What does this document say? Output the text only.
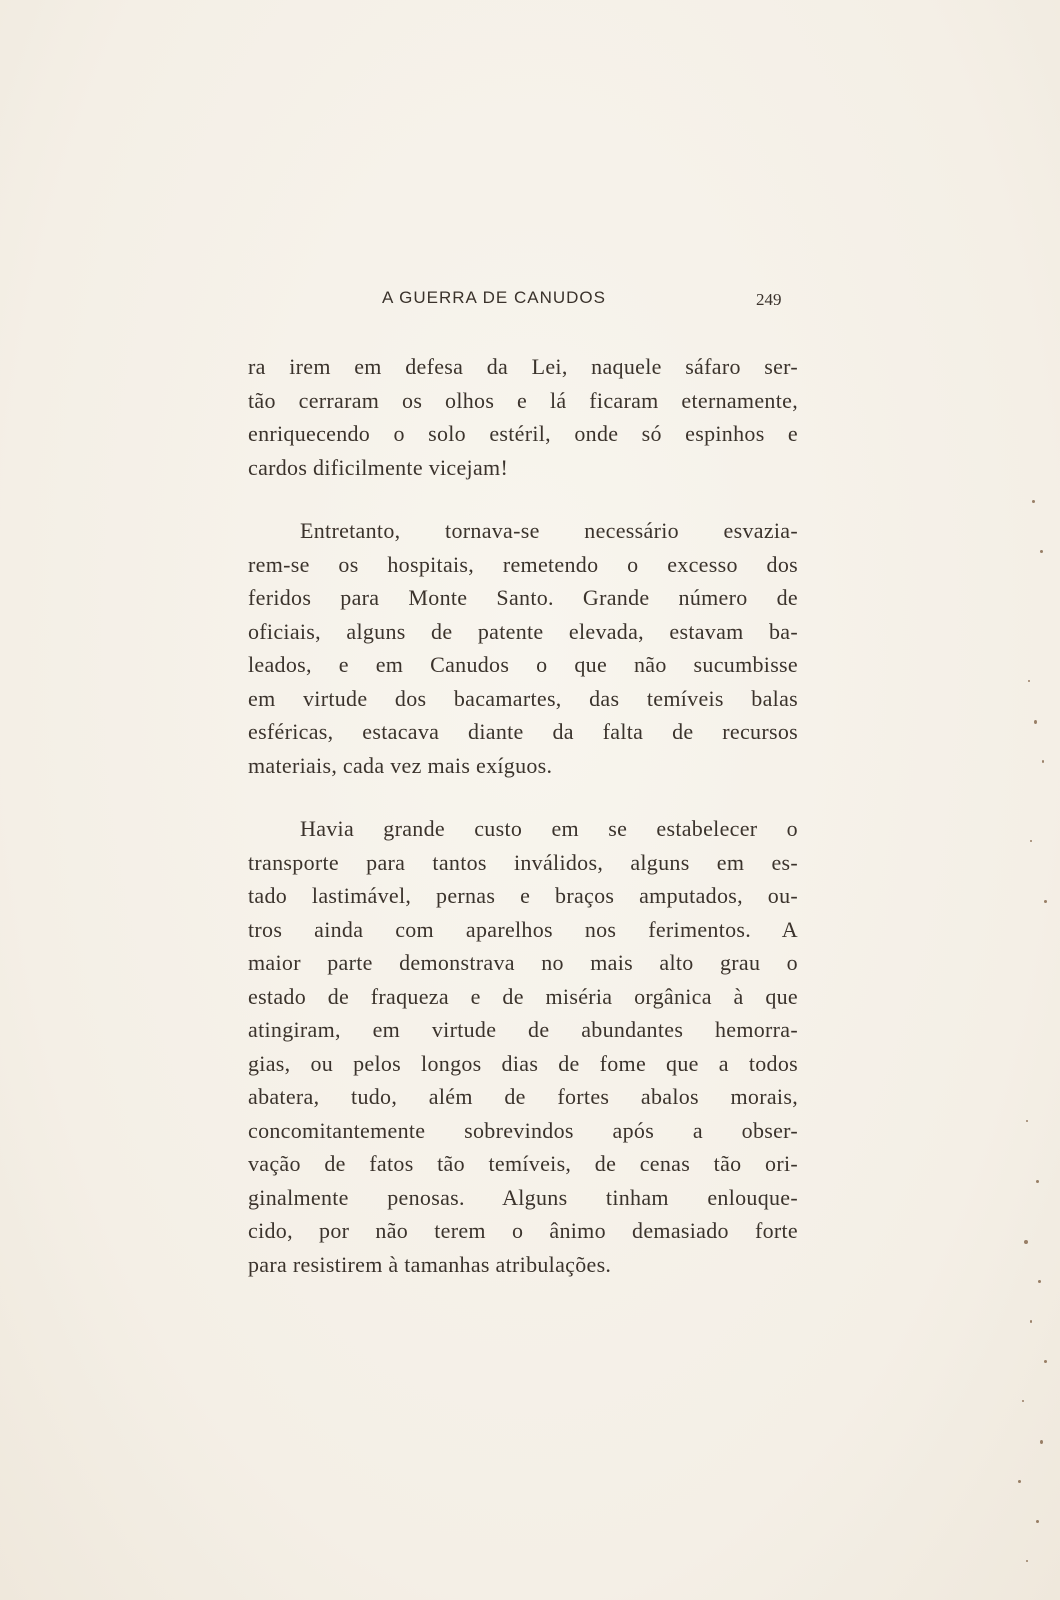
A GUERRA DE CANUDOS	249

ra irem em defesa da Lei, naquele sáfaro ser-
tão cerraram os olhos e lá ficaram eternamente,
enriquecendo o solo estéril, onde só espinhos e
cardos dificilmente vicejam!

Entretanto, tornava-se necessário esvazia-
rem-se os hospitais, remetendo o excesso dos
feridos para Monte Santo. Grande número de
oficiais, alguns de patente elevada, estavam ba-
leados, e em Canudos o que não sucumbisse
em virtude dos bacamartes, das temíveis balas
esféricas, estacava diante da falta de recursos
materiais, cada vez mais exíguos.

Havia grande custo em se estabelecer o
transporte para tantos inválidos, alguns em es-
tado lastimável, pernas e braços amputados, ou-
tros ainda com aparelhos nos ferimentos. A
maior parte demonstrava no mais alto grau o
estado de fraqueza e de miséria orgânica à que
atingiram, em virtude de abundantes hemorra-
gias, ou pelos longos dias de fome que a todos
abatera, tudo, além de fortes abalos morais,
concomitantemente sobrevindos após a obser-
vação de fatos tão temíveis, de cenas tão ori-
ginalmente penosas. Alguns tinham enlouque-
cido, por não terem o ânimo demasiado forte
para resistirem à tamanhas atribulações.
